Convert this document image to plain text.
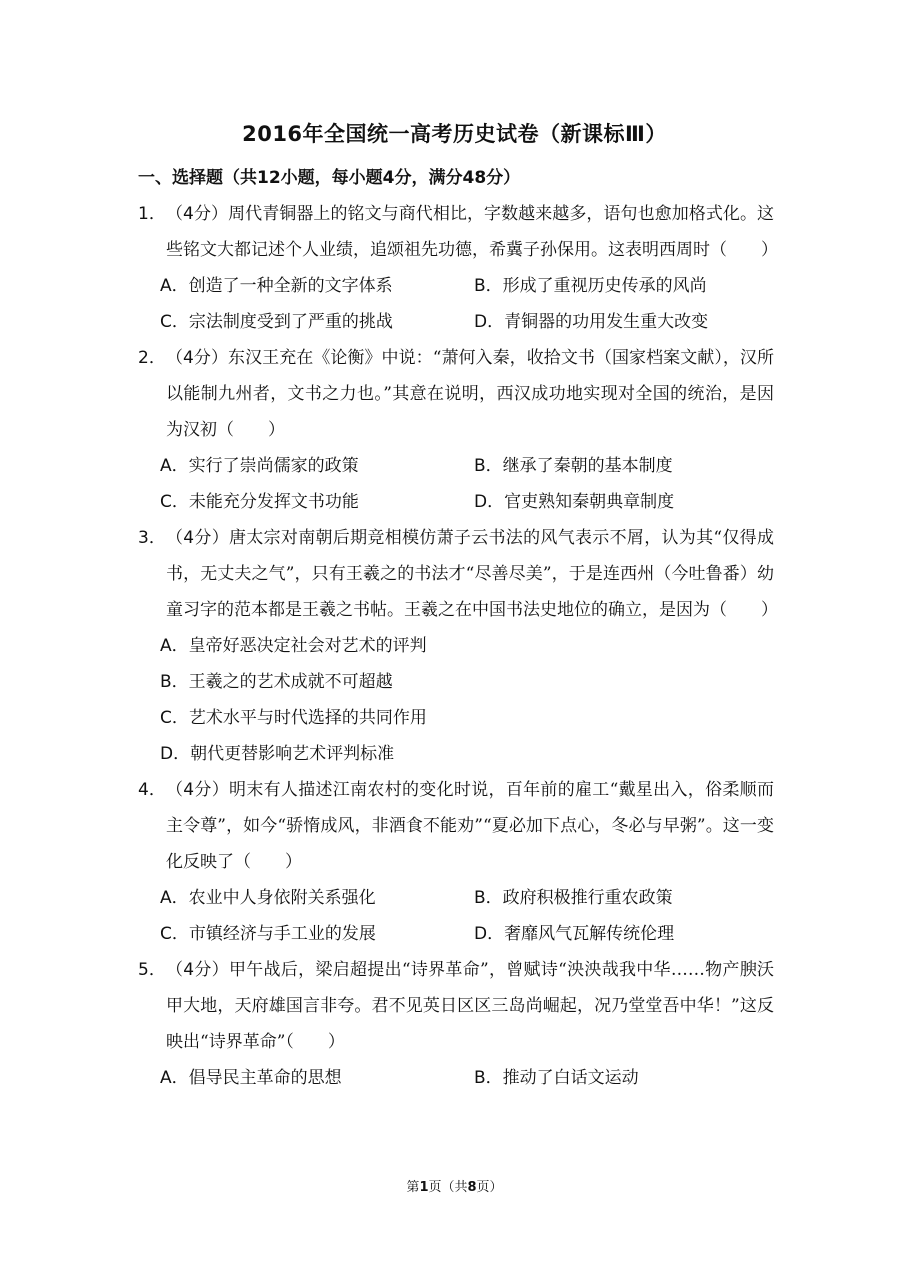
2016年全国统一高考历史试卷（新课标Ⅲ）
一、选择题（共12小题，每小题4分，满分48分）
1． （4分）周代青铜器上的铭文与商代相比，字数越来越多，语句也愈加格式化。这些铭文大都记述个人业绩，追颂祖先功德，希冀子孙保用。这表明西周时（　　）
A．创造了一种全新的文字体系	B．形成了重视历史传承的风尚
C．宗法制度受到了严重的挑战	D．青铜器的功用发生重大改变
2． （4分）东汉王充在《论衡》中说：“萧何入秦，收拾文书（国家档案文献），汉所以能制九州者，文书之力也。”其意在说明，西汉成功地实现对全国的统治，是因为汉初（　　）
A．实行了崇尚儒家的政策	B．继承了秦朝的基本制度
C．未能充分发挥文书功能	D．官吏熟知秦朝典章制度
3． （4分）唐太宗对南朝后期竞相模仿萧子云书法的风气表示不屑，认为其“仅得成书，无丈夫之气”，只有王羲之的书法才“尽善尽美”，于是连西州（今吐鲁番）幼童习字的范本都是王羲之书帖。王羲之在中国书法史地位的确立，是因为（　　）
A．皇帝好恶决定社会对艺术的评判
B．王羲之的艺术成就不可超越
C．艺术水平与时代选择的共同作用
D．朝代更替影响艺术评判标准
4． （4分）明末有人描述江南农村的变化时说，百年前的雇工“戴星出入，俗柔顺而主令尊”，如今“骄惰成风，非酒食不能劝”“夏必加下点心，冬必与早粥”。这一变化反映了（　　）
A．农业中人身依附关系强化	B．政府积极推行重农政策
C．市镇经济与手工业的发展	D．奢靡风气瓦解传统伦理
5． （4分）甲午战后，梁启超提出“诗界革命”，曾赋诗“泱泱哉我中华……物产腴沃甲大地，天府雄国言非夸。君不见英日区区三岛尚崛起，况乃堂堂吾中华！”这反映出“诗界革命”（　　）
A．倡导民主革命的思想	B．推动了白话文运动
第1页（共8页）
